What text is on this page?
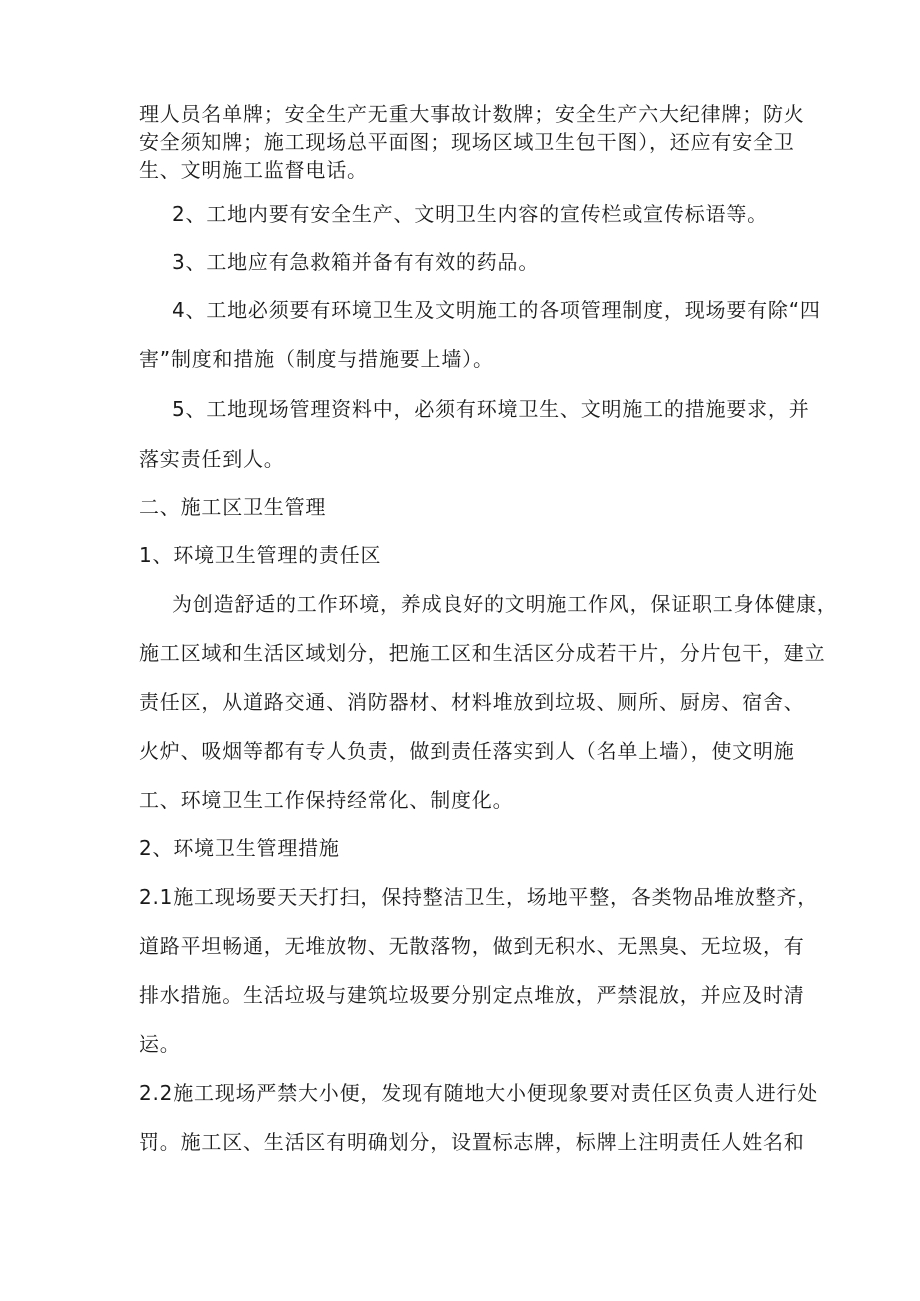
理人员名单牌；安全生产无重大事故计数牌；安全生产六大纪律牌；防火
安全须知牌；施工现场总平面图；现场区域卫生包干图），还应有安全卫
生、文明施工监督电话。
2、工地内要有安全生产、文明卫生内容的宣传栏或宣传标语等。
3、工地应有急救箱并备有有效的药品。
4、工地必须要有环境卫生及文明施工的各项管理制度，现场要有除“四
害”制度和措施（制度与措施要上墙）。
5、工地现场管理资料中，必须有环境卫生、文明施工的措施要求，并
落实责任到人。
二、施工区卫生管理
1、环境卫生管理的责任区
为创造舒适的工作环境，养成良好的文明施工作风，保证职工身体健康，
施工区域和生活区域划分，把施工区和生活区分成若干片，分片包干，建立
责任区，从道路交通、消防器材、材料堆放到垃圾、厕所、厨房、宿舍、
火炉、吸烟等都有专人负责，做到责任落实到人（名单上墙），使文明施
工、环境卫生工作保持经常化、制度化。
2、环境卫生管理措施
2.1施工现场要天天打扫，保持整洁卫生，场地平整，各类物品堆放整齐，
道路平坦畅通，无堆放物、无散落物，做到无积水、无黑臭、无垃圾，有
排水措施。生活垃圾与建筑垃圾要分别定点堆放，严禁混放，并应及时清
运。
2.2施工现场严禁大小便，发现有随地大小便现象要对责任区负责人进行处
罚。施工区、生活区有明确划分，设置标志牌，标牌上注明责任人姓名和
